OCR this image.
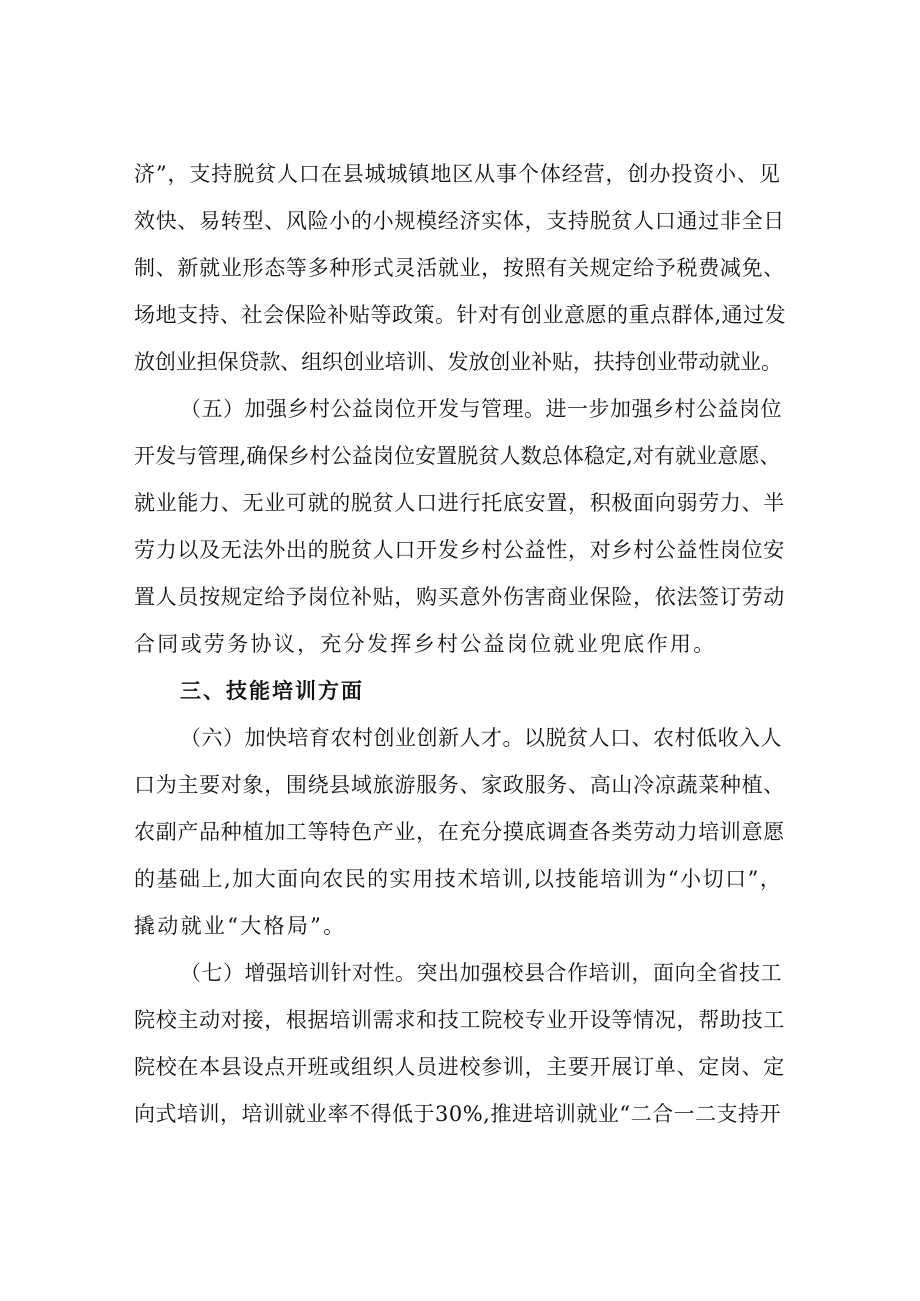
济”，支持脱贫人口在县城城镇地区从事个体经营，创办投资小、见
效快、易转型、风险小的小规模经济实体，支持脱贫人口通过非全日
制、新就业形态等多种形式灵活就业，按照有关规定给予税费减免、
场地支持、社会保险补贴等政策。针对有创业意愿的重点群体,通过发
放创业担保贷款、组织创业培训、发放创业补贴，扶持创业带动就业。
（五）加强乡村公益岗位开发与管理。进一步加强乡村公益岗位
开发与管理,确保乡村公益岗位安置脱贫人数总体稳定,对有就业意愿、
就业能力、无业可就的脱贫人口进行托底安置，积极面向弱劳力、半
劳力以及无法外出的脱贫人口开发乡村公益性，对乡村公益性岗位安
置人员按规定给予岗位补贴，购买意外伤害商业保险，依法签订劳动
合同或劳务协议，充分发挥乡村公益岗位就业兜底作用。
三、技能培训方面
（六）加快培育农村创业创新人才。以脱贫人口、农村低收入人
口为主要对象，围绕县域旅游服务、家政服务、高山冷凉蔬菜种植、
农副产品种植加工等特色产业，在充分摸底调查各类劳动力培训意愿
的基础上,加大面向农民的实用技术培训,以技能培训为“小切口”，
撬动就业“大格局”。
（七）增强培训针对性。突出加强校县合作培训，面向全省技工
院校主动对接，根据培训需求和技工院校专业开设等情况，帮助技工
院校在本县设点开班或组织人员进校参训，主要开展订单、定岗、定
向式培训，培训就业率不得低于30%,推进培训就业“二合一二支持开
